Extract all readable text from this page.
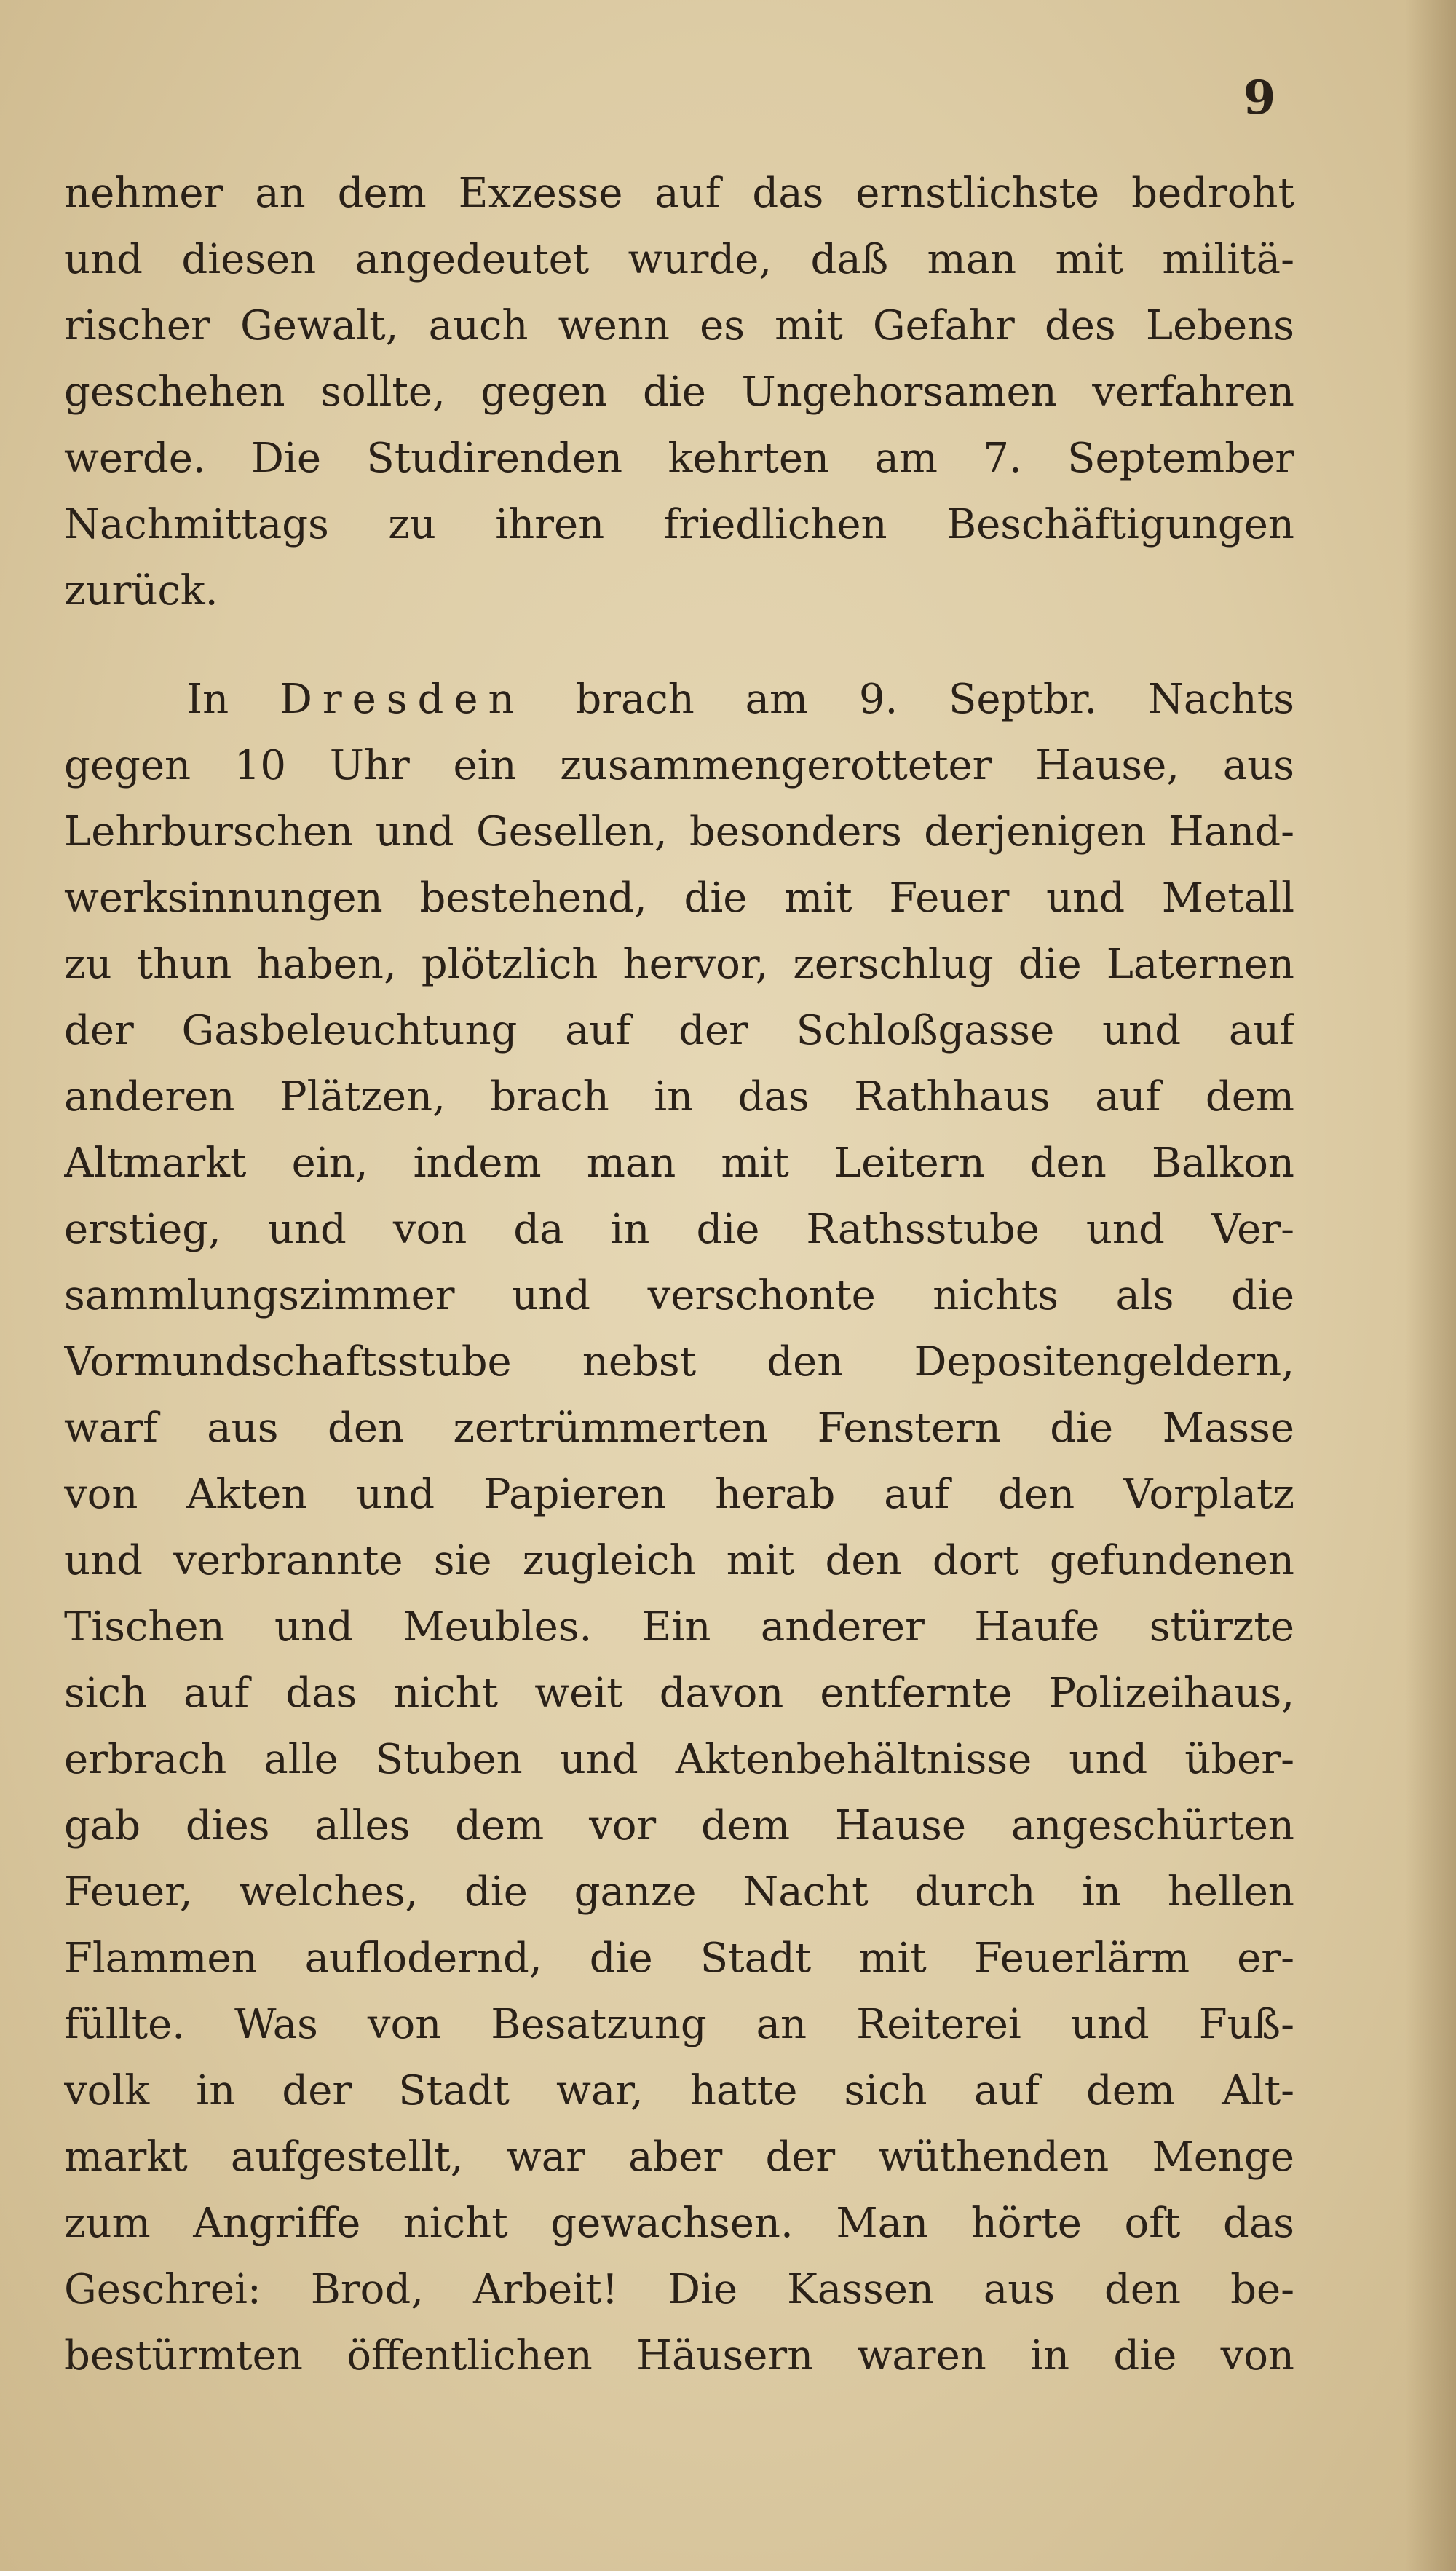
9
nehmer an dem Exzesse auf das ernstlichste bedroht
und diesen angedeutet wurde, daß man mit militä-
rischer Gewalt, auch wenn es mit Gefahr des Lebens
geschehen sollte, gegen die Ungehorsamen verfahren
werde. Die Studirenden kehrten am 7. September
Nachmittags zu ihren friedlichen Beschäftigungen
zurück.
In Dresden brach am 9. Septbr. Nachts
gegen 10 Uhr ein zusammengerotteter Hause, aus
Lehrburschen und Gesellen, besonders derjenigen Hand-
werksinnungen bestehend, die mit Feuer und Metall
zu thun haben, plötzlich hervor, zerschlug die Laternen
der Gasbeleuchtung auf der Schloßgasse und auf
anderen Plätzen, brach in das Rathhaus auf dem
Altmarkt ein, indem man mit Leitern den Balkon
erstieg, und von da in die Rathsstube und Ver-
sammlungszimmer und verschonte nichts als die
Vormundschaftsstube nebst den Depositengeldern,
warf aus den zertrümmerten Fenstern die Masse
von Akten und Papieren herab auf den Vorplatz
und verbrannte sie zugleich mit den dort gefundenen
Tischen und Meubles. Ein anderer Haufe stürzte
sich auf das nicht weit davon entfernte Polizeihaus,
erbrach alle Stuben und Aktenbehältnisse und über-
gab dies alles dem vor dem Hause angeschürten
Feuer, welches, die ganze Nacht durch in hellen
Flammen auflodernd, die Stadt mit Feuerlärm er-
füllte. Was von Besatzung an Reiterei und Fuß-
volk in der Stadt war, hatte sich auf dem Alt-
markt aufgestellt, war aber der wüthenden Menge
zum Angriffe nicht gewachsen. Man hörte oft das
Geschrei: Brod, Arbeit! Die Kassen aus den be-
bestürmten öffentlichen Häusern waren in die von
